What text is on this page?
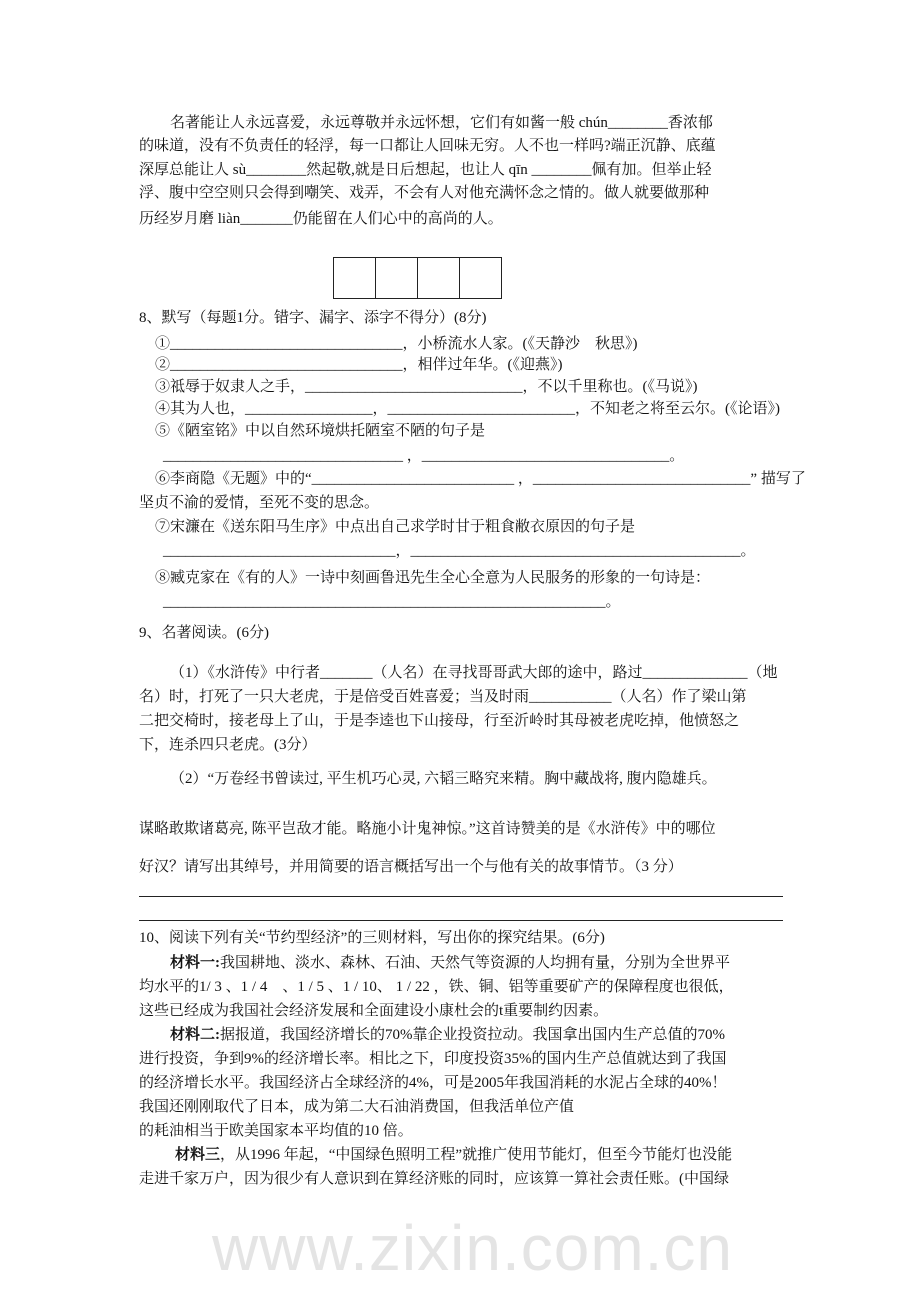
www.zixin.com.cn
名著能让人永远喜爱，永远尊敬并永远怀想，它们有如酱一般 chún________香浓郁
的味道，没有不负责任的轻浮，每一口都让人回味无穷。人不也一样吗?端正沉静、底蕴
深厚总能让人 sù________然起敬,就是日后想起，也让人 qīn ________佩有加。但举止轻
浮、腹中空空则只会得到嘲笑、戏弄，不会有人对他充满怀念之情的。做人就要做那种
历经岁月磨 liàn_______仍能留在人们心中的高尚的人。
8、默写（每题1分。错字、漏字、添字不得分）(8分)
①_______________________________，小桥流水人家。(《天静沙　秋思》)
②_______________________________，相伴过年华。(《迎燕》)
③祗辱于奴隶人之手，_____________________________，不以千里称也。(《马说》)
④其为人也，_________________，_________________________，不知老之将至云尔。(《论语》)
⑤《陋室铭》中以自然环境烘托陋室不陋的句子是
________________________________ ，_________________________________。
⑥李商隐《无题》中的“___________________________ ，_____________________________” 描写了
坚贞不渝的爱情，至死不变的思念。
⑦宋濂在《送东阳马生序》中点出自己求学时甘于粗食敝衣原因的句子是
_______________________________，____________________________________________。
⑧臧克家在《有的人》一诗中刻画鲁迅先生全心全意为人民服务的形象的一句诗是：
___________________________________________________________。
9、名著阅读。(6分)
（1）《水浒传》中行者_______（人名）在寻找哥哥武大郎的途中，路过______________（地
名）时，打死了一只大老虎，于是倍受百姓喜爱；当及时雨___________（人名）作了梁山第
二把交椅时，接老母上了山，于是李逵也下山接母，行至沂岭时其母被老虎吃掉，他愤怒之
下，连杀四只老虎。(3分）
（2）“万卷经书曾读过, 平生机巧心灵, 六韬三略究来精。胸中藏战将, 腹内隐雄兵。
谋略敢欺诸葛亮, 陈平岂敌才能。略施小计鬼神惊。”这首诗赞美的是《水浒传》中的哪位
好汉？请写出其绰号，并用简要的语言概括写出一个与他有关的故事情节。（3 分）
10、阅读下列有关“节约型经济”的三则材料，写出你的探究结果。(6分)
材料一:我国耕地、淡水、森林、石油、天然气等资源的人均拥有量，分别为全世界平
均水平的1/ 3 、1 / 4　、1 / 5 、1 / 10、 1 / 22 ，铁、铜、铝等重要矿产的保障程度也很低，
这些已经成为我国社会经济发展和全面建设小康杜会的t重要制约因素。
材料二:据报道，我国经济增长的70%靠企业投资拉动。我国拿出国内生产总值的70%
进行投资，争到9%的经济增长率。相比之下，印度投资35%的国内生产总值就达到了我国
的经济增长水平。我国经济占全球经济的4%，可是2005年我国消耗的水泥占全球的40%！
我国还刚刚取代了日本，成为第二大石油消费国，但我活单位产值
的耗油相当于欧美国家本平均值的10 倍。
材料三，从1996 年起，“中国绿色照明工程”就推广使用节能灯，但至今节能灯也没能
走进千家万户，因为很少有人意识到在算经济账的同时，应该算一算社会责任账。(中国绿
